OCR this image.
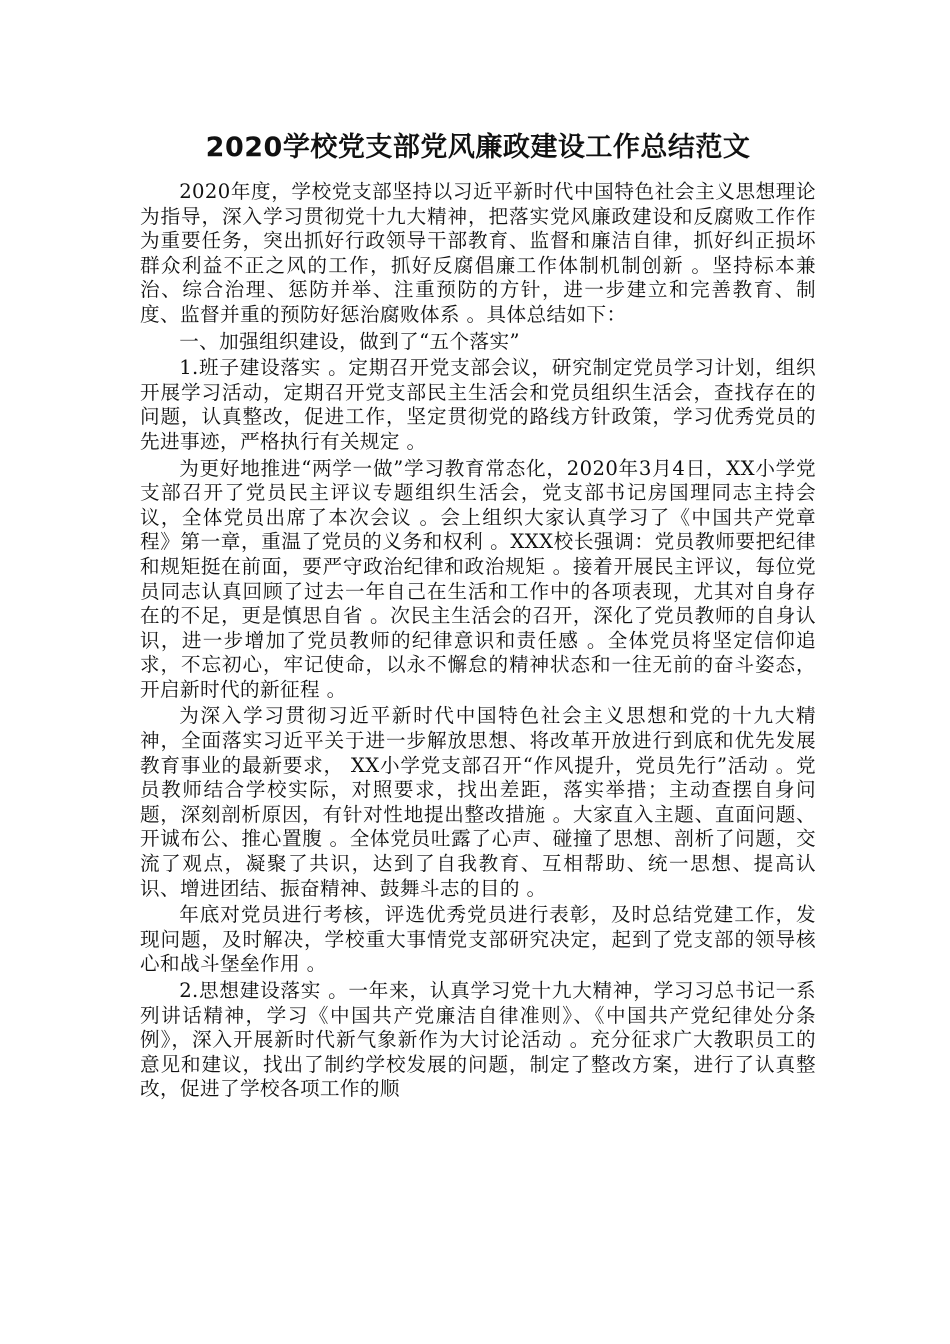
2020学校党支部党风廉政建设工作总结范文

2020年度，学校党支部坚持以习近平新时代中国特色社会主义思想理论为指导，深入学习贯彻党十九大精神，把落实党风廉政建设和反腐败工作作为重要任务，突出抓好行政领导干部教育、监督和廉洁自律，抓好纠正损坏群众利益不正之风的工作，抓好反腐倡廉工作体制机制创新 。坚持标本兼治、综合治理、惩防并举、注重预防的方针，进一步建立和完善教育、制度、监督并重的预防好惩治腐败体系 。具体总结如下：

一、加强组织建设，做到了“五个落实”

1.班子建设落实 。定期召开党支部会议，研究制定党员学习计划，组织开展学习活动，定期召开党支部民主生活会和党员组织生活会，查找存在的问题，认真整改，促进工作，坚定贯彻党的路线方针政策，学习优秀党员的先进事迹，严格执行有关规定 。

为更好地推进“两学一做”学习教育常态化，2020年3月4日，XX小学党支部召开了党员民主评议专题组织生活会，党支部书记房国理同志主持会议，全体党员出席了本次会议 。会上组织大家认真学习了《中国共产党章程》第一章，重温了党员的义务和权利 。XXX校长强调：党员教师要把纪律和规矩挺在前面，要严守政治纪律和政治规矩 。接着开展民主评议，每位党员同志认真回顾了过去一年自己在生活和工作中的各项表现，尤其对自身存在的不足，更是慎思自省 。次民主生活会的召开，深化了党员教师的自身认识，进一步增加了党员教师的纪律意识和责任感 。全体党员将坚定信仰追求，不忘初心，牢记使命，以永不懈怠的精神状态和一往无前的奋斗姿态，开启新时代的新征程 。

为深入学习贯彻习近平新时代中国特色社会主义思想和党的十九大精神，全面落实习近平关于进一步解放思想、将改革开放进行到底和优先发展教育事业的最新要求， XX小学党支部召开“作风提升，党员先行”活动 。党员教师结合学校实际，对照要求，找出差距，落实举措；主动查摆自身问题，深刻剖析原因，有针对性地提出整改措施 。大家直入主题、直面问题、开诚布公、推心置腹 。全体党员吐露了心声、碰撞了思想、剖析了问题，交流了观点，凝聚了共识，达到了自我教育、互相帮助、统一思想、提高认识、增进团结、振奋精神、鼓舞斗志的目的 。

年底对党员进行考核，评选优秀党员进行表彰，及时总结党建工作，发现问题，及时解决，学校重大事情党支部研究决定，起到了党支部的领导核心和战斗堡垒作用 。

2.思想建设落实 。一年来，认真学习党十九大精神，学习习总书记一系列讲话精神，学习《中国共产党廉洁自律准则》、《中国共产党纪律处分条例》，深入开展新时代新气象新作为大讨论活动 。充分征求广大教职员工的意见和建议，找出了制约学校发展的问题，制定了整改方案，进行了认真整改，促进了学校各项工作的顺
